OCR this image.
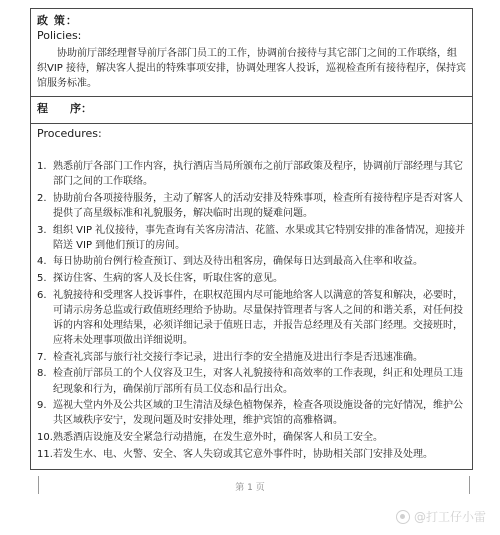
政 策：
Policies:

协助前厅部经理督导前厅各部门员工的工作，协调前台接待与其它部门之间的工作联络，组织VIP 接待，解决客人提出的特殊事项安排，协调处理客人投诉，巡视检查所有接待程序，保持宾馆服务标准。

程 序：
Procedures:
1. 熟悉前厅各部门工作内容，执行酒店当局所颁布之前厅部政策及程序，协调前厅部经理与其它部门之间的工作联络。
2. 协助前台各项接待服务，主动了解客人的活动安排及特殊事项，检查所有接待程序是否对客人提供了高星级标准和礼貌服务，解决临时出现的疑难问题。
3. 组织 VIP 礼仪接待，事先查询有关客房清洁、花篮、水果或其它特别安排的准备情况，迎接并陪送 VIP 到他们预订的房间。
4. 每日协助前台例行检查预订、到达及待出租客房，确保每日达到最高入住率和收益。
5. 探访住客、生病的客人及长住客，听取住客的意见。
6. 礼貌接待和受理客人投诉事件，在职权范围内尽可能地给客人以满意的答复和解决，必要时，可请示房务总监或行政值班经理给予协助。尽量保持管理者与客人之间的和谐关系，对任何投诉的内容和处理结果，必须详细记录于值班日志，并报告总经理及有关部门经理。交接班时，应将未处理事项做出详细说明。
7. 检查礼宾部与旅行社交接行李记录，进出行李的安全措施及进出行李是否迅速准确。
8. 检查前厅部员工的个人仪容及卫生，对客人礼貌接待和高效率的工作表现，纠正和处理员工违纪现象和行为，确保前厅部所有员工仪态和品行出众。
9. 巡视大堂内外及公共区域的卫生清洁及绿色植物保养，检查各项设施设备的完好情况，维护公共区域秩序安宁，发现问题及时安排处理，维护宾馆的高雅格调。
10. 熟悉酒店设施及安全紧急行动措施，在发生意外时，确保客人和员工安全。
11. 若发生水、电、火警、安全、客人失窃或其它意外事件时，协助相关部门安排及处理。
第 1 页
@打工仔小雷
